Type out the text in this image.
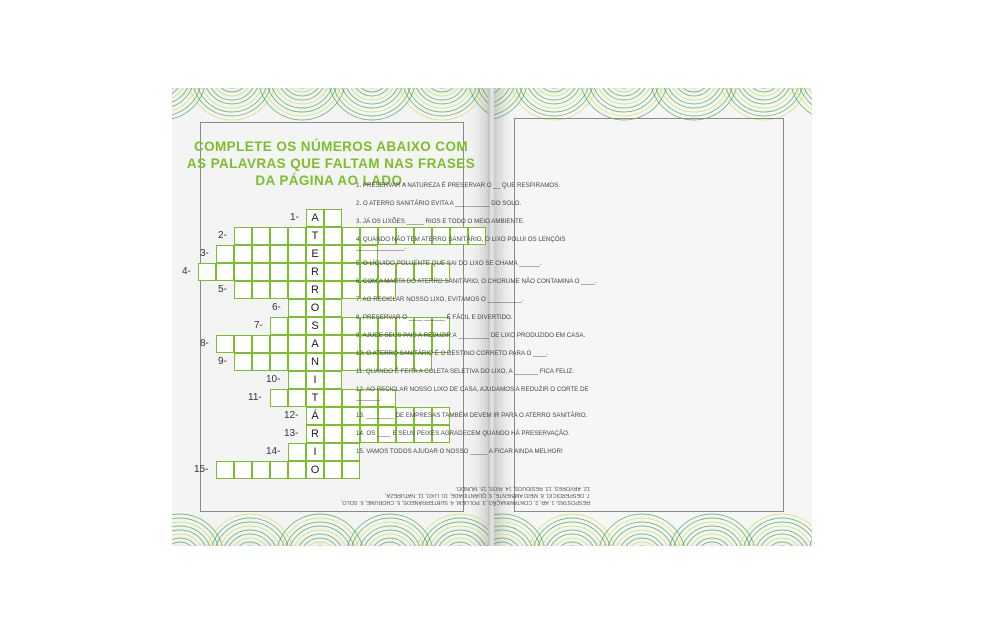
COMPLETE OS NÚMEROS ABAIXO COM
AS PALAVRAS QUE FALTAM NAS FRASES
DA PÁGINA AO LADO.
A
1-
T
2-
E
3-
R
4-
R
5-
O
6-
S
7-
A
8-
N
9-
I
10-
T
11-
Á
12-
R
13-
I
14-
O
15-
1. PRESERVAR A NATUREZA É PRESERVAR O __ QUE RESPIRAMOS.
2. O ATERRO SANITÁRIO EVITA A __________ DO SOLO.
3. JÁ OS LIXÕES _____ RIOS E TODO O MEIO AMBIENTE.
4. QUANDO NÃO TEM ATERRO SANITÁRIO, O LIXO POLUI OS LENÇÓIS ______________.
5. O LÍQUIDO POLUENTE QUE SAI DO LIXO SE CHAMA ______.
6. COM A MANTA DO ATERRO SANITÁRIO, O CHORUME NÃO CONTAMINA O ____.
7. AO RECICLAR NOSSO LIXO, EVITAMOS O __________.
8. PRESERVAR O ____ ______ É FÁCIL E DIVERTIDO.
9. AJUDE SEUS PAIS A REDUZIR A _________ DE LIXO PRODUZIDO EM CASA.
10. O ATERRO SANITÁRIO É O DESTINO CORRETO PARA O ____.
11. QUANDO É FEITA A COLETA SELETIVA DO LIXO, A _______ FICA FELIZ.
12. AO RECICLAR NOSSO LIXO DE CASA, AJUDAMOS A REDUZIR O CORTE DE _______.
13. ________ DE EMPRESAS TAMBÉM DEVEM IR PARA O ATERRO SANITÁRIO.
14. OS ____ E SEUS PEIXES AGRADECEM QUANDO HÁ PRESERVAÇÃO.
15. VAMOS TODOS AJUDAR O NOSSO _____ A FICAR AINDA MELHOR!
RESPOSTAS: 1. AR, 2. CONTAMINAÇÃO, 3. POLUEM, 4. SUBTERRÂNEOS, 5. CHORUME, 6. SOLO,
7. DESPERDÍCIO, 8. MEIO AMBIENTE, 9. QUANTIDADE, 10. LIXO, 11. NATUREZA,
12. ÁRVORES, 13. RESÍDUOS, 14. RIOS, 15. MUNDO.
